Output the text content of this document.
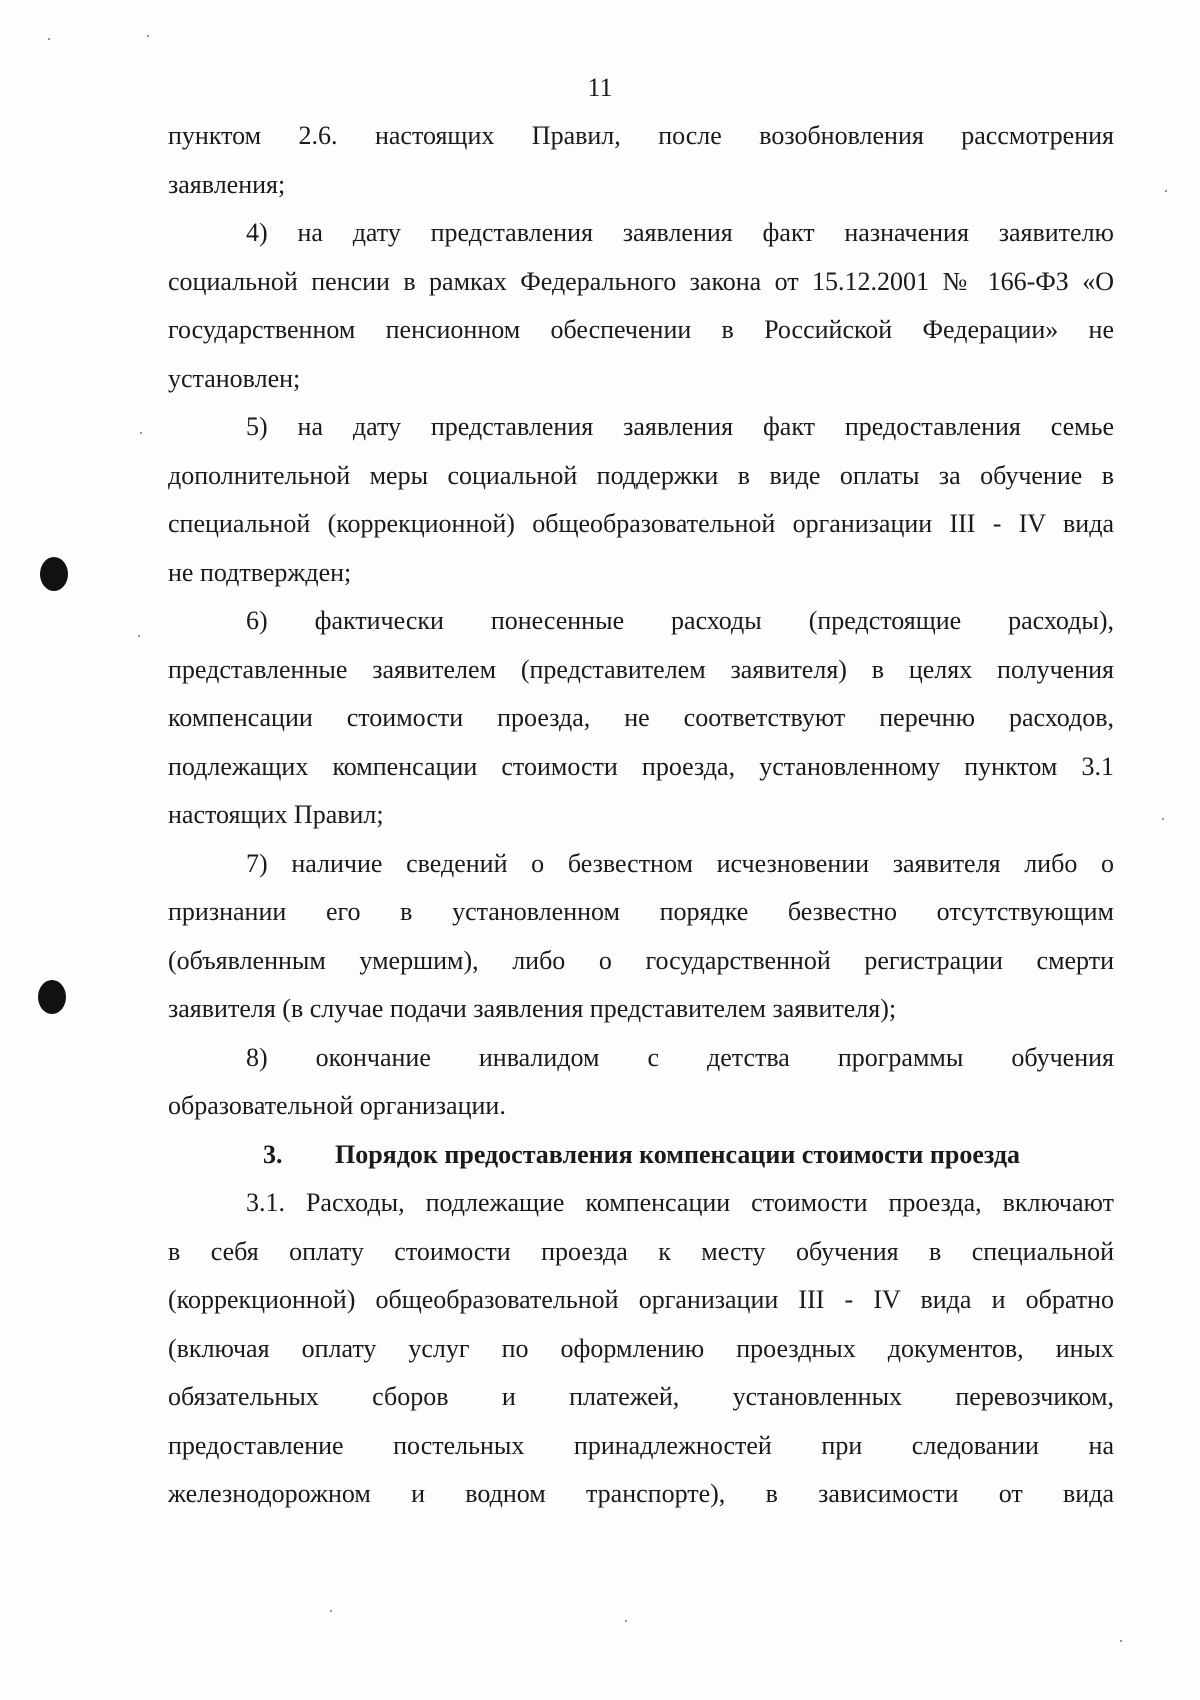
11
пунктом 2.6. настоящих Правил, после возобновления рассмотрения
заявления;
4) на дату представления заявления факт назначения заявителю
социальной пенсии в рамках Федерального закона от 15.12.2001 № 166-ФЗ «О
государственном пенсионном обеспечении в Российской Федерации» не
установлен;
5) на дату представления заявления факт предоставления семье
дополнительной меры социальной поддержки в виде оплаты за обучение в
специальной (коррекционной) общеобразовательной организации III - IV вида
не подтвержден;
6) фактически понесенные расходы (предстоящие расходы),
представленные заявителем (представителем заявителя) в целях получения
компенсации стоимости проезда, не соответствуют перечню расходов,
подлежащих компенсации стоимости проезда, установленному пунктом 3.1
настоящих Правил;
7) наличие сведений о безвестном исчезновении заявителя либо о
признании его в установленном порядке безвестно отсутствующим
(объявленным умершим), либо о государственной регистрации смерти
заявителя (в случае подачи заявления представителем заявителя);
8) окончание инвалидом с детства программы обучения
образовательной организации.
3. Порядок предоставления компенсации стоимости проезда
3.1. Расходы, подлежащие компенсации стоимости проезда, включают
в себя оплату стоимости проезда к месту обучения в специальной
(коррекционной) общеобразовательной организации III - IV вида и обратно
(включая оплату услуг по оформлению проездных документов, иных
обязательных сборов и платежей, установленных перевозчиком,
предоставление постельных принадлежностей при следовании на
железнодорожном и водном транспорте), в зависимости от вида
